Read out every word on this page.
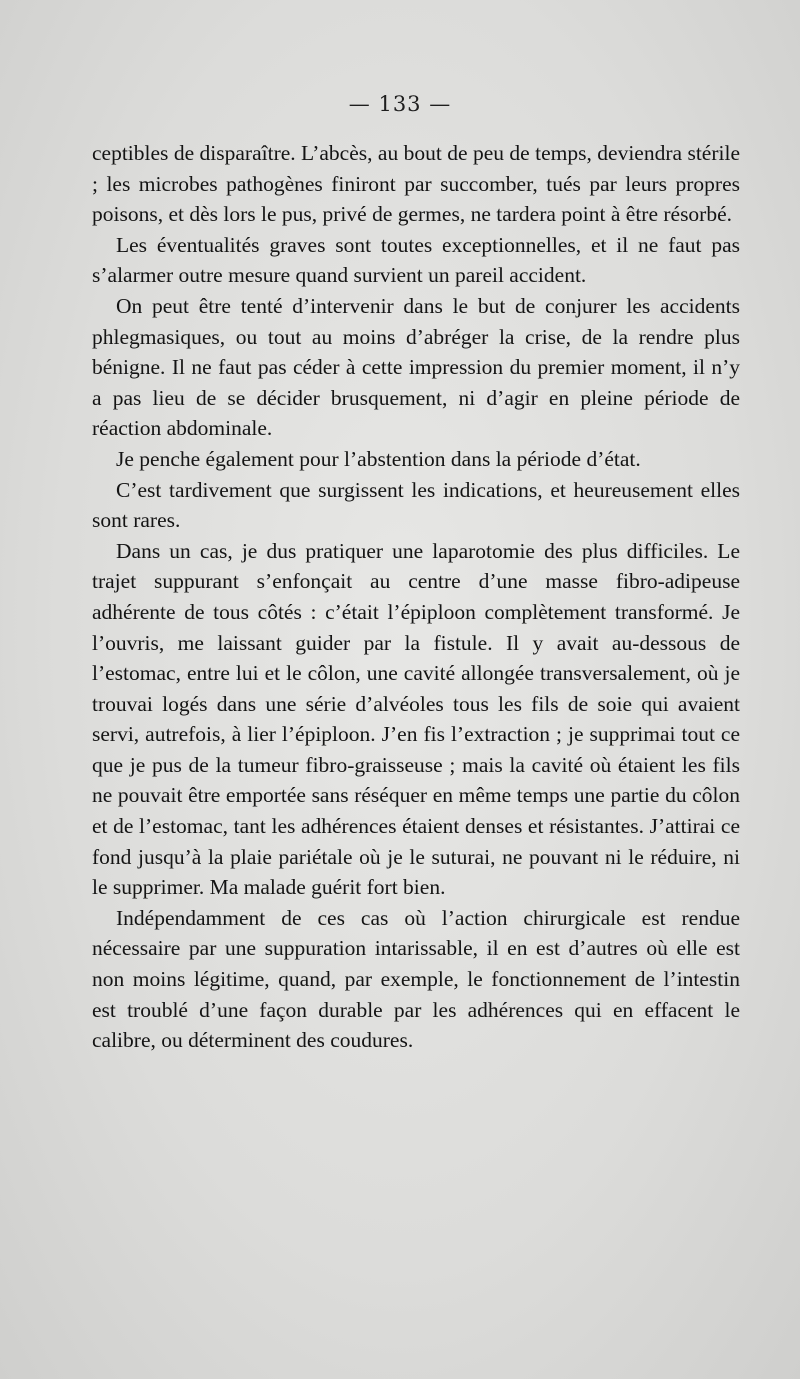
— 133 —

ceptibles de disparaître. L’abcès, au bout de peu de temps, deviendra stérile ; les microbes pathogènes finiront par succomber, tués par leurs propres poisons, et dès lors le pus, privé de germes, ne tardera point à être résorbé.

Les éventualités graves sont toutes exceptionnelles, et il ne faut pas s’alarmer outre mesure quand survient un pareil accident.

On peut être tenté d’intervenir dans le but de conjurer les accidents phlegmasiques, ou tout au moins d’abréger la crise, de la rendre plus bénigne. Il ne faut pas céder à cette impression du premier moment, il n’y a pas lieu de se décider brusquement, ni d’agir en pleine période de réaction abdominale.

Je penche également pour l’abstention dans la période d’état.

C’est tardivement que surgissent les indications, et heureusement elles sont rares.

Dans un cas, je dus pratiquer une laparotomie des plus difficiles. Le trajet suppurant s’enfonçait au centre d’une masse fibro-adipeuse adhérente de tous côtés : c’était l’épiploon complètement transformé. Je l’ouvris, me laissant guider par la fistule. Il y avait au-dessous de l’estomac, entre lui et le côlon, une cavité allongée transversalement, où je trouvai logés dans une série d’alvéoles tous les fils de soie qui avaient servi, autrefois, à lier l’épiploon. J’en fis l’extraction ; je supprimai tout ce que je pus de la tumeur fibro-graisseuse ; mais la cavité où étaient les fils ne pouvait être emportée sans réséquer en même temps une partie du côlon et de l’estomac, tant les adhérences étaient denses et résistantes. J’attirai ce fond jusqu’à la plaie pariétale où je le suturai, ne pouvant ni le réduire, ni le supprimer. Ma malade guérit fort bien.

Indépendamment de ces cas où l’action chirurgicale est rendue nécessaire par une suppuration intarissable, il en est d’autres où elle est non moins légitime, quand, par exemple, le fonctionnement de l’intestin est troublé d’une façon durable par les adhérences qui en effacent le calibre, ou déterminent des coudures.
